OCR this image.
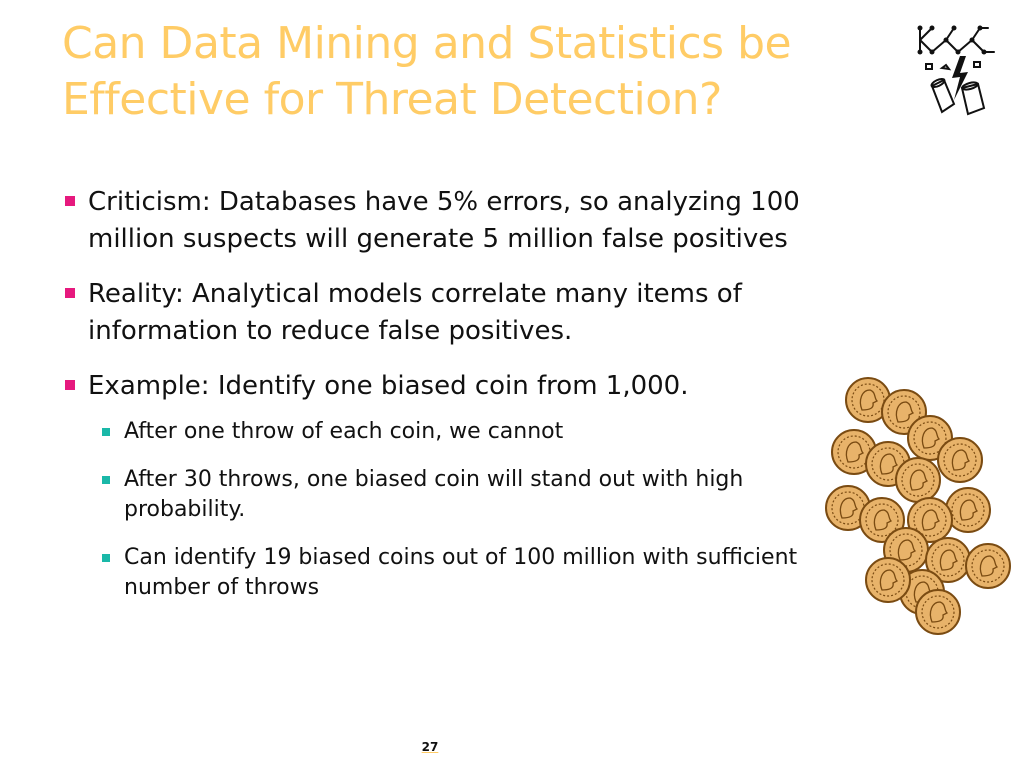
Can Data Mining and Statistics be
Effective for Threat Detection?
Criticism: Databases have 5% errors, so analyzing 100 million suspects will generate 5 million false positives
Reality: Analytical models correlate many items of information to reduce false positives.
Example: Identify one biased coin from 1,000.
After one throw of each coin, we cannot
After 30 throws, one biased coin will stand out with high probability.
Can identify 19 biased coins out of 100 million with sufficient number of throws
27
